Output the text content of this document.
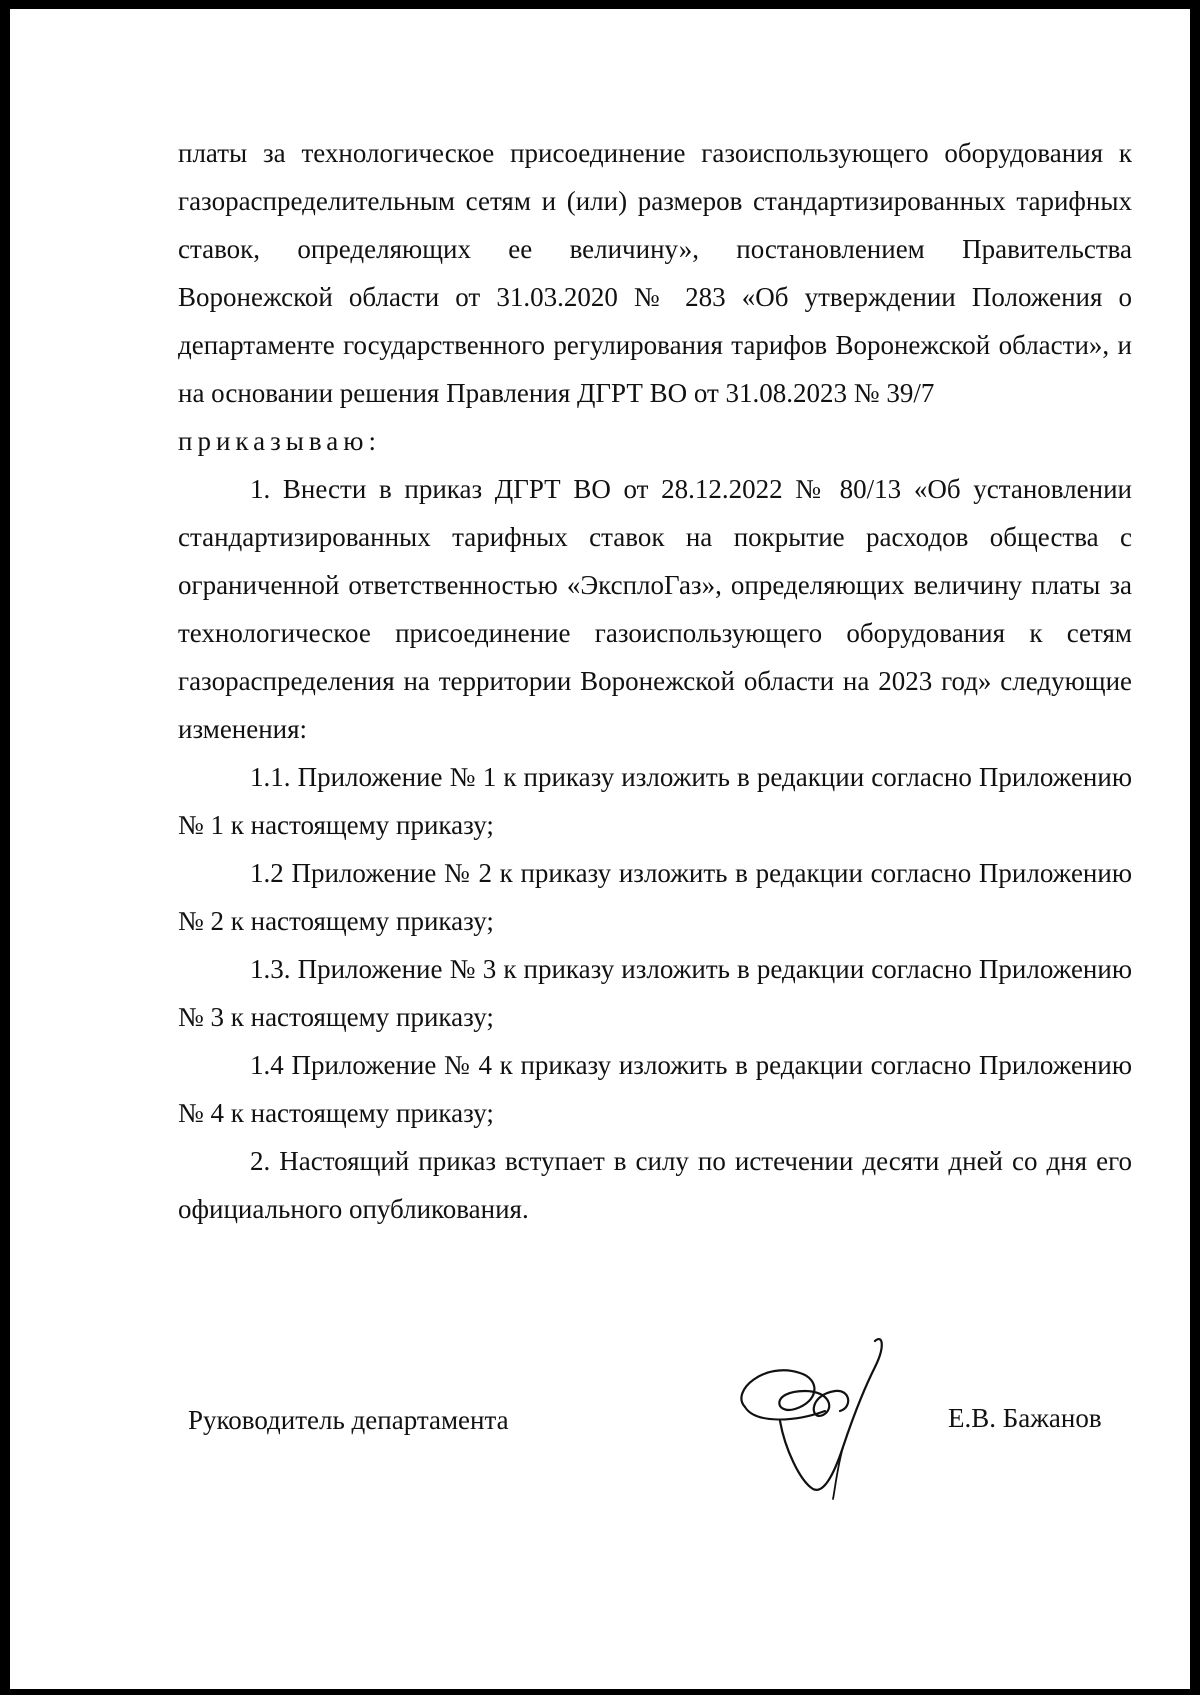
платы за технологическое присоединение газоиспользующего оборудования к газораспределительным сетям и (или) размеров стандартизированных тарифных ставок, определяющих ее величину», постановлением Правительства Воронежской области от 31.03.2020 № 283 «Об утверждении Положения о департаменте государственного регулирования тарифов Воронежской области», и на основании решения Правления ДГРТ ВО от 31.08.2023 № 39/7

приказываю:

1. Внести в приказ ДГРТ ВО от 28.12.2022 № 80/13 «Об установлении стандартизированных тарифных ставок на покрытие расходов общества с ограниченной ответственностью «ЭксплоГаз», определяющих величину платы за технологическое присоединение газоиспользующего оборудования к сетям газораспределения на территории Воронежской области на 2023 год» следующие изменения:

1.1. Приложение № 1 к приказу изложить в редакции согласно Приложению № 1 к настоящему приказу;

1.2 Приложение № 2 к приказу изложить в редакции согласно Приложению № 2 к настоящему приказу;

1.3. Приложение № 3 к приказу изложить в редакции согласно Приложению № 3 к настоящему приказу;

1.4 Приложение № 4 к приказу изложить в редакции согласно Приложению № 4 к настоящему приказу;

2. Настоящий приказ вступает в силу по истечении десяти дней со дня его официального опубликования.

Руководитель департамента	Е.В. Бажанов
